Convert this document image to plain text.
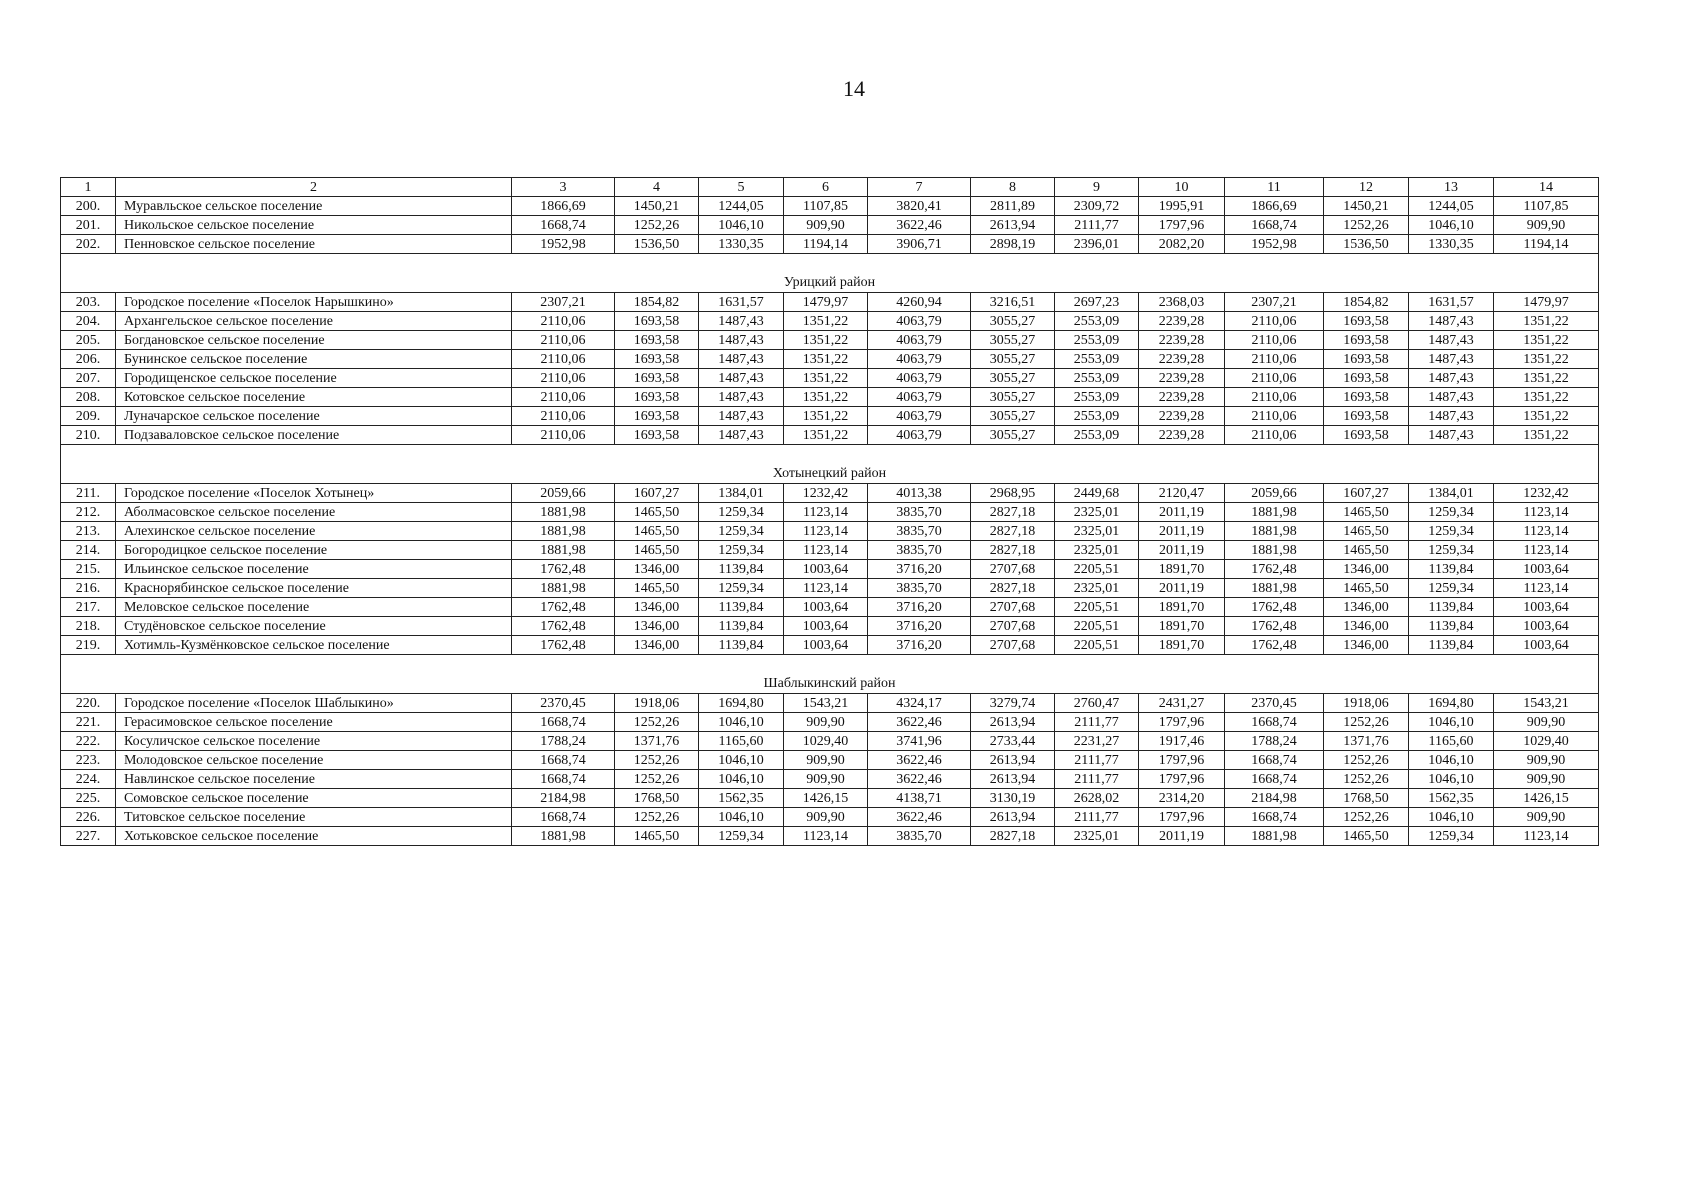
14
1	2	3	4	5	6	7	8	9	10	11	12	13	14
200.	Муравльское сельское поселение	1866,69	1450,21	1244,05	1107,85	3820,41	2811,89	2309,72	1995,91	1866,69	1450,21	1244,05	1107,85
201.	Никольское сельское поселение	1668,74	1252,26	1046,10	909,90	3622,46	2613,94	2111,77	1797,96	1668,74	1252,26	1046,10	909,90
202.	Пенновское сельское поселение	1952,98	1536,50	1330,35	1194,14	3906,71	2898,19	2396,01	2082,20	1952,98	1536,50	1330,35	1194,14
Урицкий район													
203.	Городское поселение «Поселок Нарышкино»	2307,21	1854,82	1631,57	1479,97	4260,94	3216,51	2697,23	2368,03	2307,21	1854,82	1631,57	1479,97
204.	Архангельское сельское поселение	2110,06	1693,58	1487,43	1351,22	4063,79	3055,27	2553,09	2239,28	2110,06	1693,58	1487,43	1351,22
205.	Богдановское сельское поселение	2110,06	1693,58	1487,43	1351,22	4063,79	3055,27	2553,09	2239,28	2110,06	1693,58	1487,43	1351,22
206.	Бунинское сельское поселение	2110,06	1693,58	1487,43	1351,22	4063,79	3055,27	2553,09	2239,28	2110,06	1693,58	1487,43	1351,22
207.	Городищенское сельское поселение	2110,06	1693,58	1487,43	1351,22	4063,79	3055,27	2553,09	2239,28	2110,06	1693,58	1487,43	1351,22
208.	Котовское сельское поселение	2110,06	1693,58	1487,43	1351,22	4063,79	3055,27	2553,09	2239,28	2110,06	1693,58	1487,43	1351,22
209.	Луначарское сельское поселение	2110,06	1693,58	1487,43	1351,22	4063,79	3055,27	2553,09	2239,28	2110,06	1693,58	1487,43	1351,22
210.	Подзаваловское сельское поселение	2110,06	1693,58	1487,43	1351,22	4063,79	3055,27	2553,09	2239,28	2110,06	1693,58	1487,43	1351,22
Хотынецкий район													
211.	Городское поселение «Поселок Хотынец»	2059,66	1607,27	1384,01	1232,42	4013,38	2968,95	2449,68	2120,47	2059,66	1607,27	1384,01	1232,42
212.	Аболмасовское сельское поселение	1881,98	1465,50	1259,34	1123,14	3835,70	2827,18	2325,01	2011,19	1881,98	1465,50	1259,34	1123,14
213.	Алехинское сельское поселение	1881,98	1465,50	1259,34	1123,14	3835,70	2827,18	2325,01	2011,19	1881,98	1465,50	1259,34	1123,14
214.	Богородицкое сельское поселение	1881,98	1465,50	1259,34	1123,14	3835,70	2827,18	2325,01	2011,19	1881,98	1465,50	1259,34	1123,14
215.	Ильинское сельское поселение	1762,48	1346,00	1139,84	1003,64	3716,20	2707,68	2205,51	1891,70	1762,48	1346,00	1139,84	1003,64
216.	Краснорябинское сельское поселение	1881,98	1465,50	1259,34	1123,14	3835,70	2827,18	2325,01	2011,19	1881,98	1465,50	1259,34	1123,14
217.	Меловское сельское поселение	1762,48	1346,00	1139,84	1003,64	3716,20	2707,68	2205,51	1891,70	1762,48	1346,00	1139,84	1003,64
218.	Студёновское сельское поселение	1762,48	1346,00	1139,84	1003,64	3716,20	2707,68	2205,51	1891,70	1762,48	1346,00	1139,84	1003,64
219.	Хотимль-Кузмёнковское сельское поселение	1762,48	1346,00	1139,84	1003,64	3716,20	2707,68	2205,51	1891,70	1762,48	1346,00	1139,84	1003,64
Шаблыкинский район													
220.	Городское поселение «Поселок Шаблыкино»	2370,45	1918,06	1694,80	1543,21	4324,17	3279,74	2760,47	2431,27	2370,45	1918,06	1694,80	1543,21
221.	Герасимовское сельское поселение	1668,74	1252,26	1046,10	909,90	3622,46	2613,94	2111,77	1797,96	1668,74	1252,26	1046,10	909,90
222.	Косуличское сельское поселение	1788,24	1371,76	1165,60	1029,40	3741,96	2733,44	2231,27	1917,46	1788,24	1371,76	1165,60	1029,40
223.	Молодовское сельское поселение	1668,74	1252,26	1046,10	909,90	3622,46	2613,94	2111,77	1797,96	1668,74	1252,26	1046,10	909,90
224.	Навлинское сельское поселение	1668,74	1252,26	1046,10	909,90	3622,46	2613,94	2111,77	1797,96	1668,74	1252,26	1046,10	909,90
225.	Сомовское сельское поселение	2184,98	1768,50	1562,35	1426,15	4138,71	3130,19	2628,02	2314,20	2184,98	1768,50	1562,35	1426,15
226.	Титовское сельское поселение	1668,74	1252,26	1046,10	909,90	3622,46	2613,94	2111,77	1797,96	1668,74	1252,26	1046,10	909,90
227.	Хотьковское сельское поселение	1881,98	1465,50	1259,34	1123,14	3835,70	2827,18	2325,01	2011,19	1881,98	1465,50	1259,34	1123,14
